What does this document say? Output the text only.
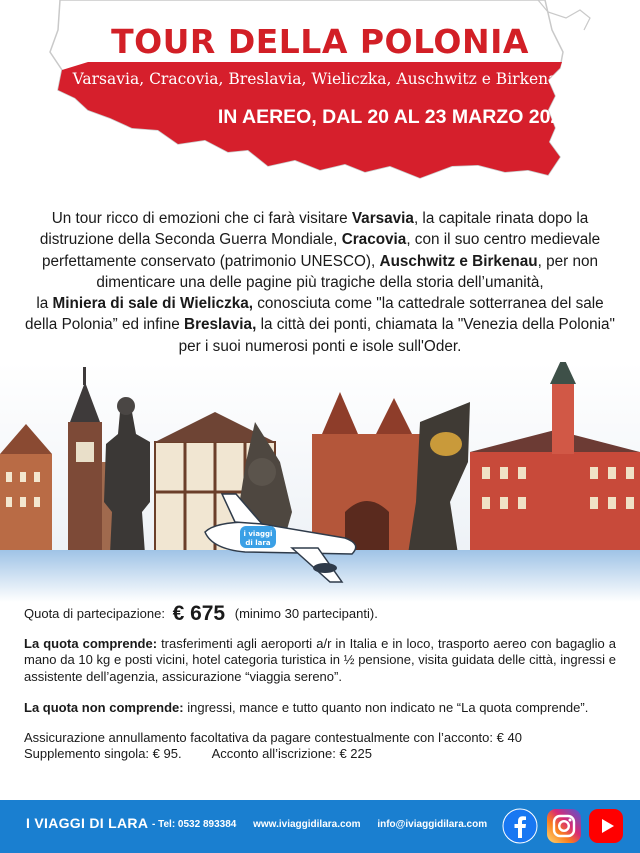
TOUR DELLA POLONIA
Varsavia, Cracovia, Breslavia, Wieliczka, Auschwitz e Birkenau
IN AEREO, DAL 20 AL 23 MARZO 2026

Un tour ricco di emozioni che ci farà visitare Varsavia, la capitale rinata dopo la distruzione della Seconda Guerra Mondiale, Cracovia, con il suo centro medievale perfettamente conservato (patrimonio UNESCO), Auschwitz e Birkenau, per non dimenticare una delle pagine più tragiche della storia dell’umanità,
la Miniera di sale di Wieliczka, conosciuta come "la cattedrale sotterranea del sale della Polonia” ed infine Breslavia, la città dei ponti, chiamata la "Venezia della Polonia" per i suoi numerosi ponti e isole sull'Oder.

i viaggi
di lara

Quota di partecipazione: € 675 (minimo 30 partecipanti).

La quota comprende: trasferimenti agli aeroporti a/r in Italia e in loco, trasporto aereo con bagaglio a mano da 10 kg e posti vicini, hotel categoria turistica in ½ pensione, visita guidata delle città, ingressi e assistente dell’agenzia, assicurazione “viaggia sereno”.

La quota non comprende: ingressi, mance e tutto quanto non indicato ne “La quota comprende”.

Assicurazione annullamento facoltativa da pagare contestualmente con l’acconto: € 40

Supplemento singola: € 95. Acconto all’iscrizione: € 225

I VIAGGI DI LARA - Tel: 0532 893384 www.iviaggidilara.com info@iviaggidilara.com
